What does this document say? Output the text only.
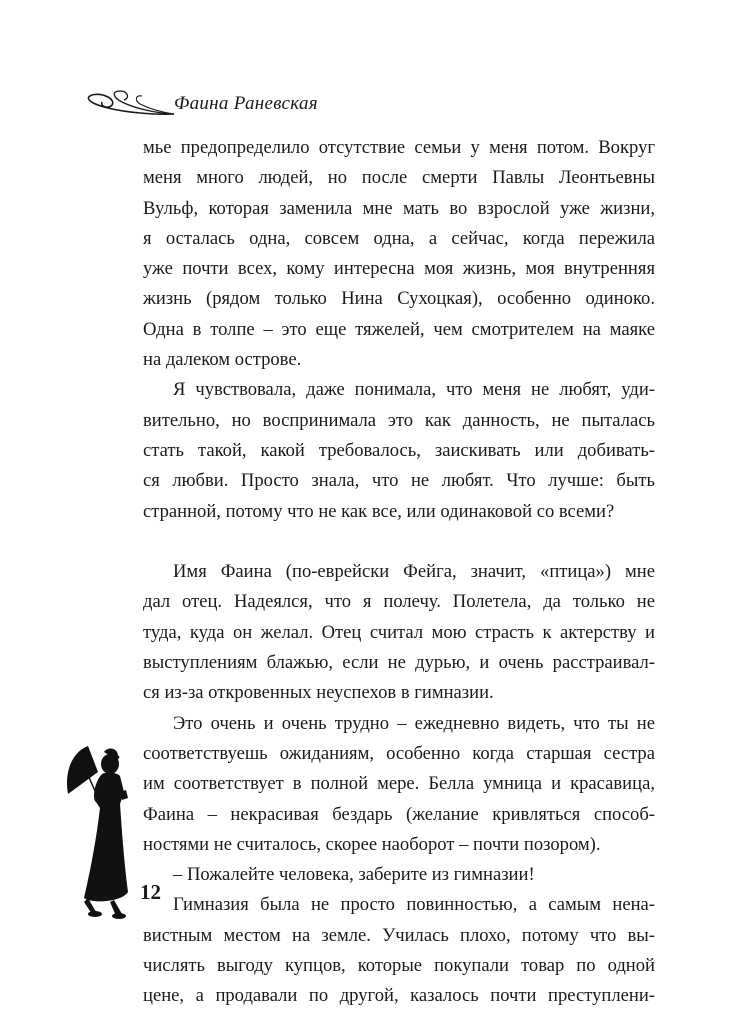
Фаина Раневская
мье предопределило отсутствие семьи у меня потом. Вокруг
меня много людей, но после смерти Павлы Леонтьевны
Вульф, которая заменила мне мать во взрослой уже жизни,
я осталась одна, совсем одна, а сейчас, когда пережила
уже почти всех, кому интересна моя жизнь, моя внутренняя
жизнь (рядом только Нина Сухоцкая), особенно одиноко.
Одна в толпе – это еще тяжелей, чем смотрителем на маяке
на далеком острове.
Я чувствовала, даже понимала, что меня не любят, уди-
вительно, но воспринимала это как данность, не пыталась
стать такой, какой требовалось, заискивать или добивать-
ся любви. Просто знала, что не любят. Что лучше: быть
странной, потому что не как все, или одинаковой со всеми?
Имя Фаина (по-еврейски Фейга, значит, «птица») мне
дал отец. Надеялся, что я полечу. Полетела, да только не
туда, куда он желал. Отец считал мою страсть к актерству и
выступлениям блажью, если не дурью, и очень расстраивал-
ся из-за откровенных неуспехов в гимназии.
Это очень и очень трудно – ежедневно видеть, что ты не
соответствуешь ожиданиям, особенно когда старшая сестра
им соответствует в полной мере. Белла умница и красавица,
Фаина – некрасивая бездарь (желание кривляться способ-
ностями не считалось, скорее наоборот – почти позором).
– Пожалейте человека, заберите из гимназии!
Гимназия была не просто повинностью, а самым нена-
вистным местом на земле. Училась плохо, потому что вы-
числять выгоду купцов, которые покупали товар по одной
цене, а продавали по другой, казалось почти преступлени-
12
